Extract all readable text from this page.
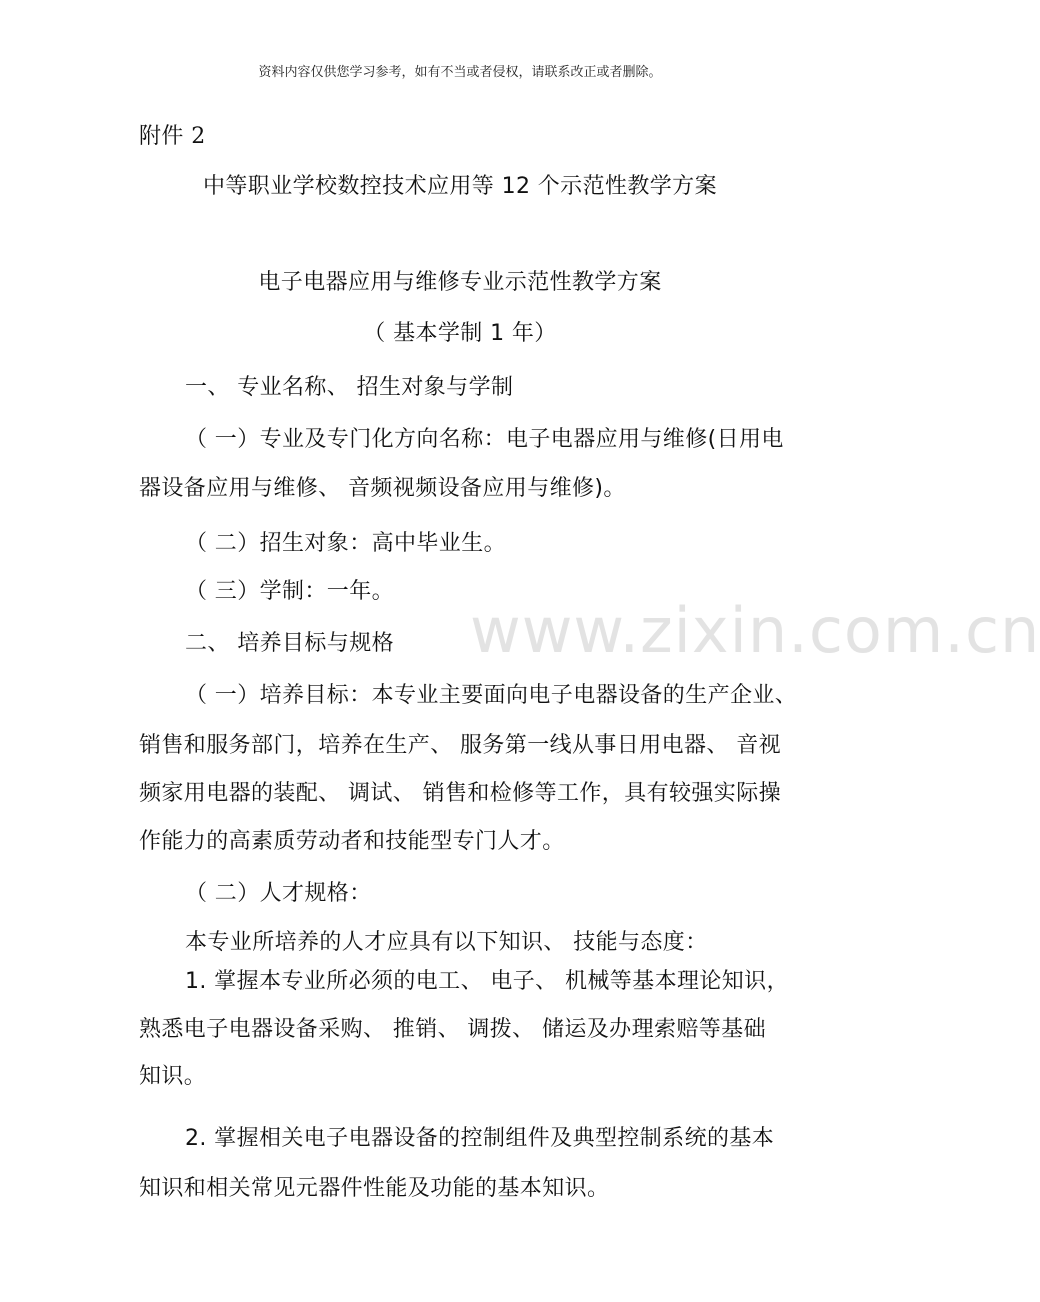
资料内容仅供您学习参考，如有不当或者侵权，请联系改正或者删除。
附件 2
中等职业学校数控技术应用等 12 个示范性教学方案
电子电器应用与维修专业示范性教学方案
（ 基本学制 1 年）
一、 专业名称、 招生对象与学制
（ 一）专业及专门化方向名称：电子电器应用与维修(日用电
器设备应用与维修、 音频视频设备应用与维修)。
（ 二）招生对象：高中毕业生。
（ 三）学制：一年。
www.zixin.com.cn
二、 培养目标与规格
（ 一）培养目标：本专业主要面向电子电器设备的生产企业、
销售和服务部门，培养在生产、 服务第一线从事日用电器、 音视
频家用电器的装配、 调试、 销售和检修等工作，具有较强实际操
作能力的高素质劳动者和技能型专门人才。
（ 二）人才规格：
本专业所培养的人才应具有以下知识、 技能与态度：
1. 掌握本专业所必须的电工、 电子、 机械等基本理论知识，
熟悉电子电器设备采购、 推销、 调拨、 储运及办理索赔等基础
知识。
2. 掌握相关电子电器设备的控制组件及典型控制系统的基本
知识和相关常见元器件性能及功能的基本知识。
